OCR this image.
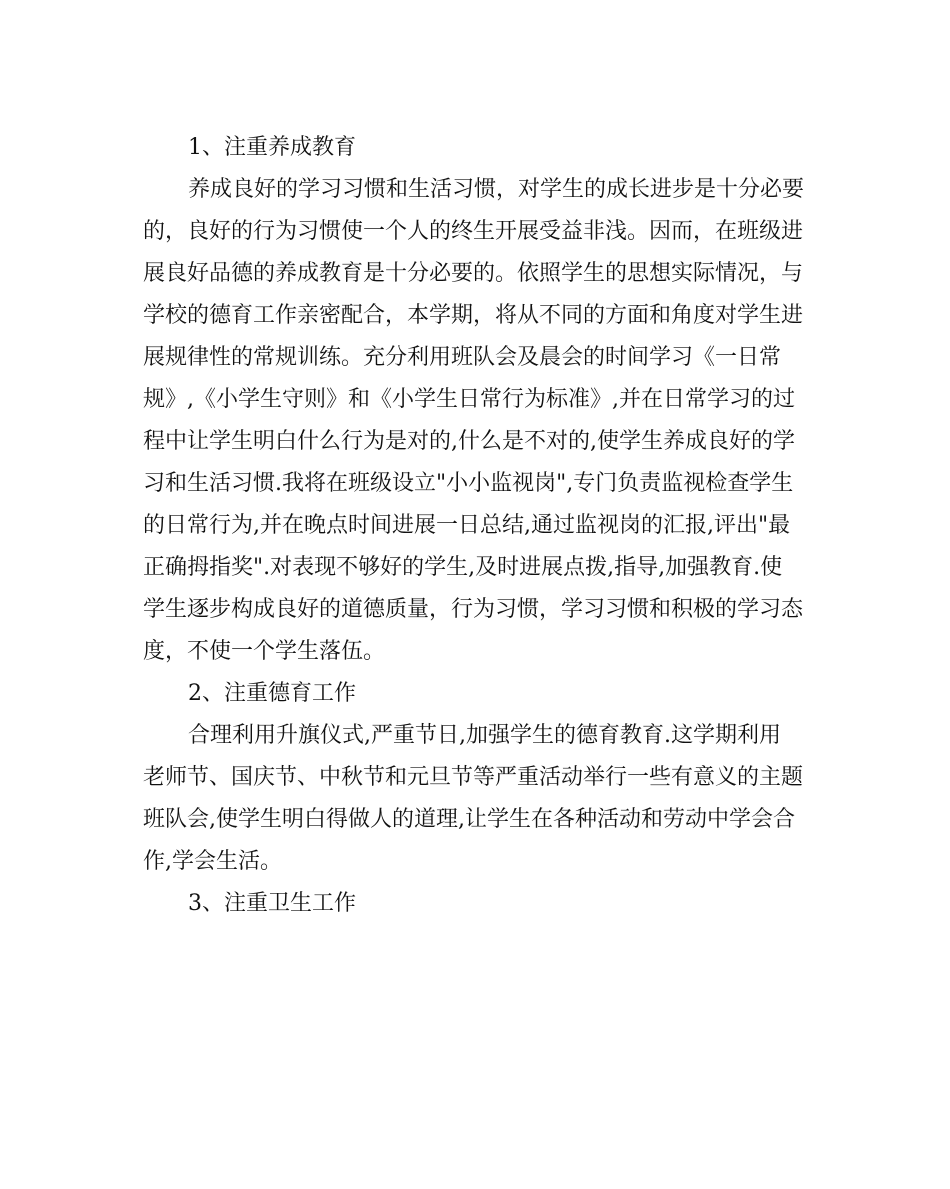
1、注重养成教育
养成良好的学习习惯和生活习惯，对学生的成长进步是十分必要
的，良好的行为习惯使一个人的终生开展受益非浅。因而，在班级进
展良好品德的养成教育是十分必要的。依照学生的思想实际情况，与
学校的德育工作亲密配合，本学期，将从不同的方面和角度对学生进
展规律性的常规训练。充分利用班队会及晨会的时间学习《一日常
规》,《小学生守则》和《小学生日常行为标准》,并在日常学习的过
程中让学生明白什么行为是对的,什么是不对的,使学生养成良好的学
习和生活习惯.我将在班级设立"小小监视岗",专门负责监视检查学生
的日常行为,并在晚点时间进展一日总结,通过监视岗的汇报,评出"最
正确拇指奖".对表现不够好的学生,及时进展点拨,指导,加强教育.使
学生逐步构成良好的道德质量，行为习惯，学习习惯和积极的学习态
度，不使一个学生落伍。
2、注重德育工作
合理利用升旗仪式,严重节日,加强学生的德育教育.这学期利用
老师节、国庆节、中秋节和元旦节等严重活动举行一些有意义的主题
班队会,使学生明白得做人的道理,让学生在各种活动和劳动中学会合
作,学会生活。
3、注重卫生工作
